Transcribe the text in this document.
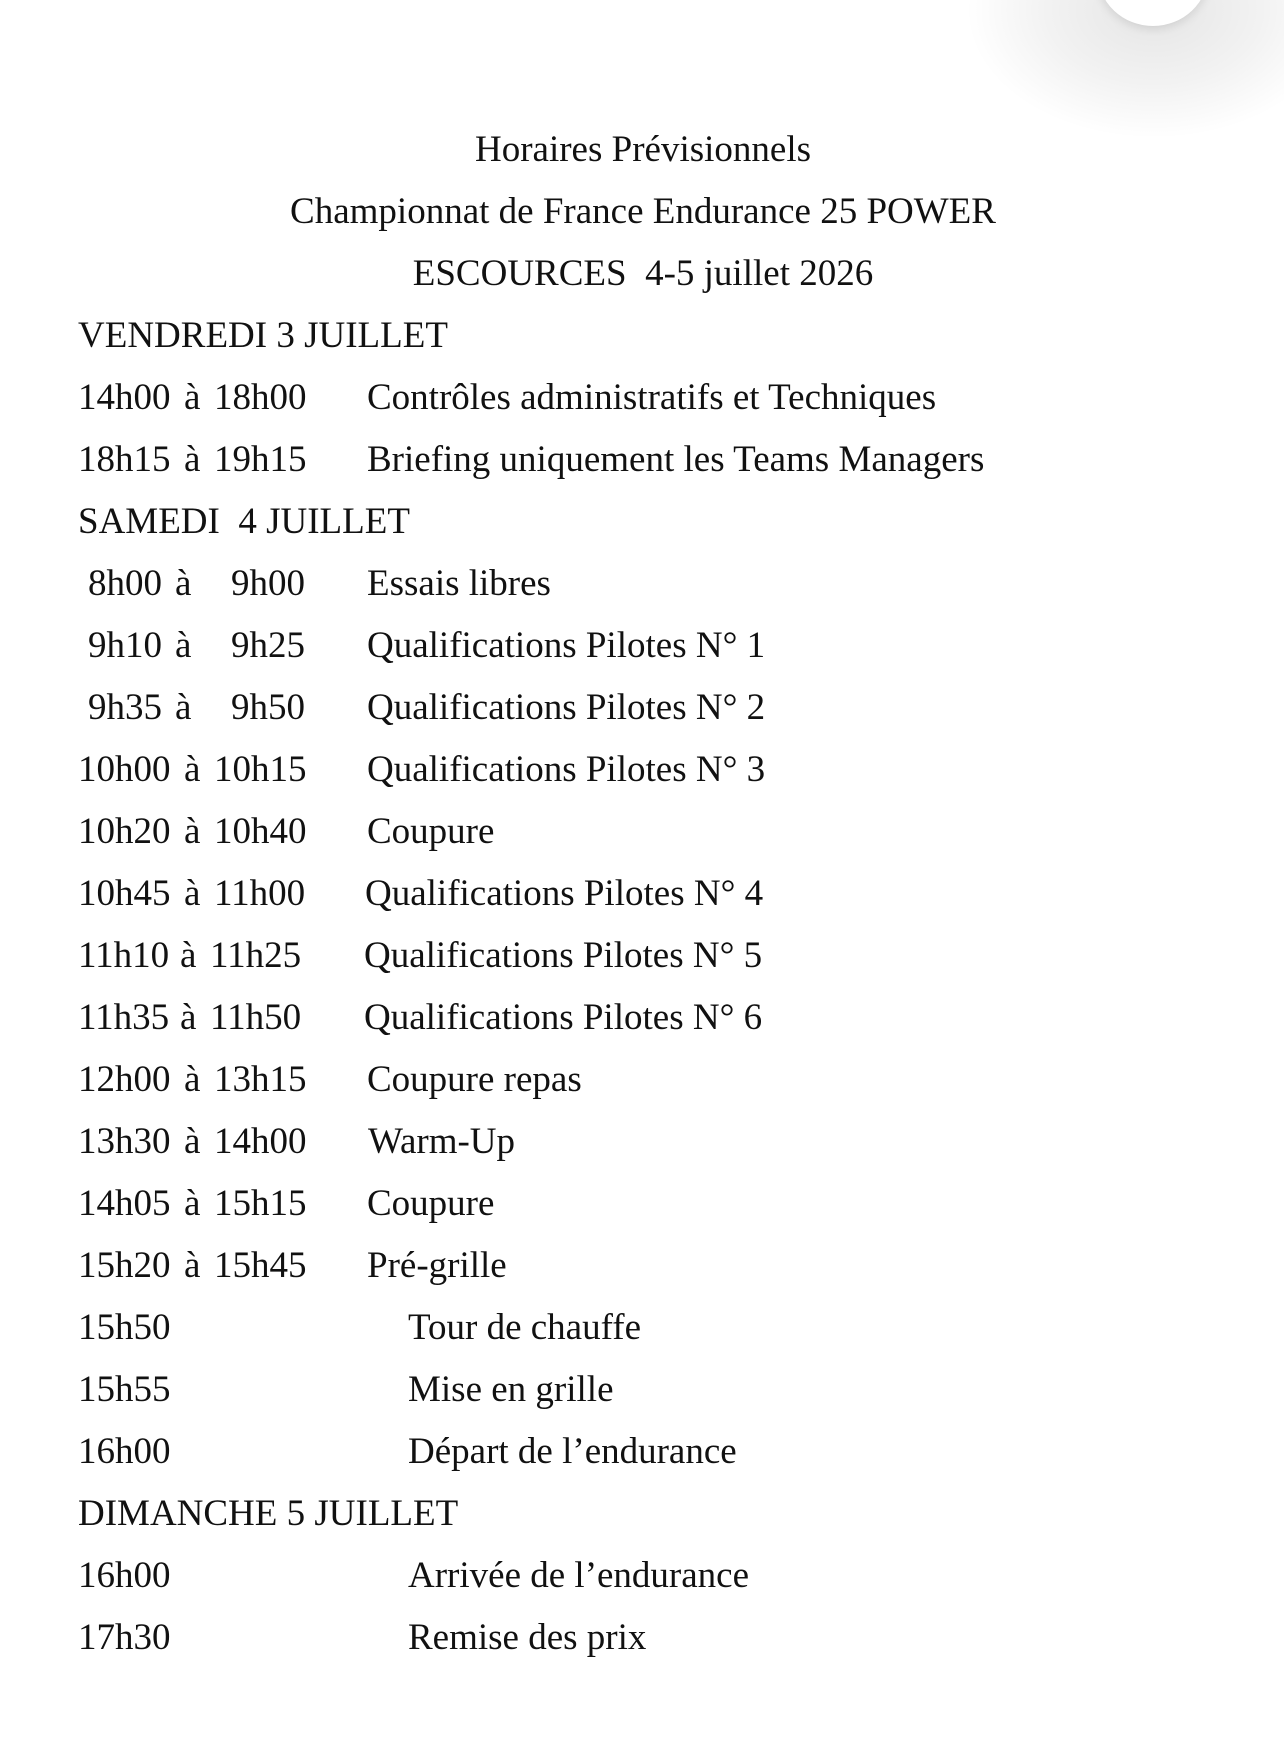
Horaires Prévisionnels
Championnat de France Endurance 25 POWER
ESCOURCES  4-5 juillet 2026
VENDREDI 3 JUILLET
14h00 à 18h00 Contrôles administratifs et Techniques
18h15 à 19h15 Briefing uniquement les Teams Managers
SAMEDI  4 JUILLET
8h00 à 9h00 Essais libres
9h10 à 9h25 Qualifications Pilotes N° 1
9h35 à 9h50 Qualifications Pilotes N° 2
10h00 à 10h15 Qualifications Pilotes N° 3
10h20 à 10h40 Coupure
10h45 à 11h00 Qualifications Pilotes N° 4
11h10 à 11h25 Qualifications Pilotes N° 5
11h35 à 11h50 Qualifications Pilotes N° 6
12h00 à 13h15 Coupure repas
13h30 à 14h00 Warm-Up
14h05 à 15h15 Coupure
15h20 à 15h45 Pré-grille
15h50	Tour de chauffe
15h55	Mise en grille
16h00	Départ de l’endurance
DIMANCHE 5 JUILLET
16h00	Arrivée de l’endurance
17h30	Remise des prix
